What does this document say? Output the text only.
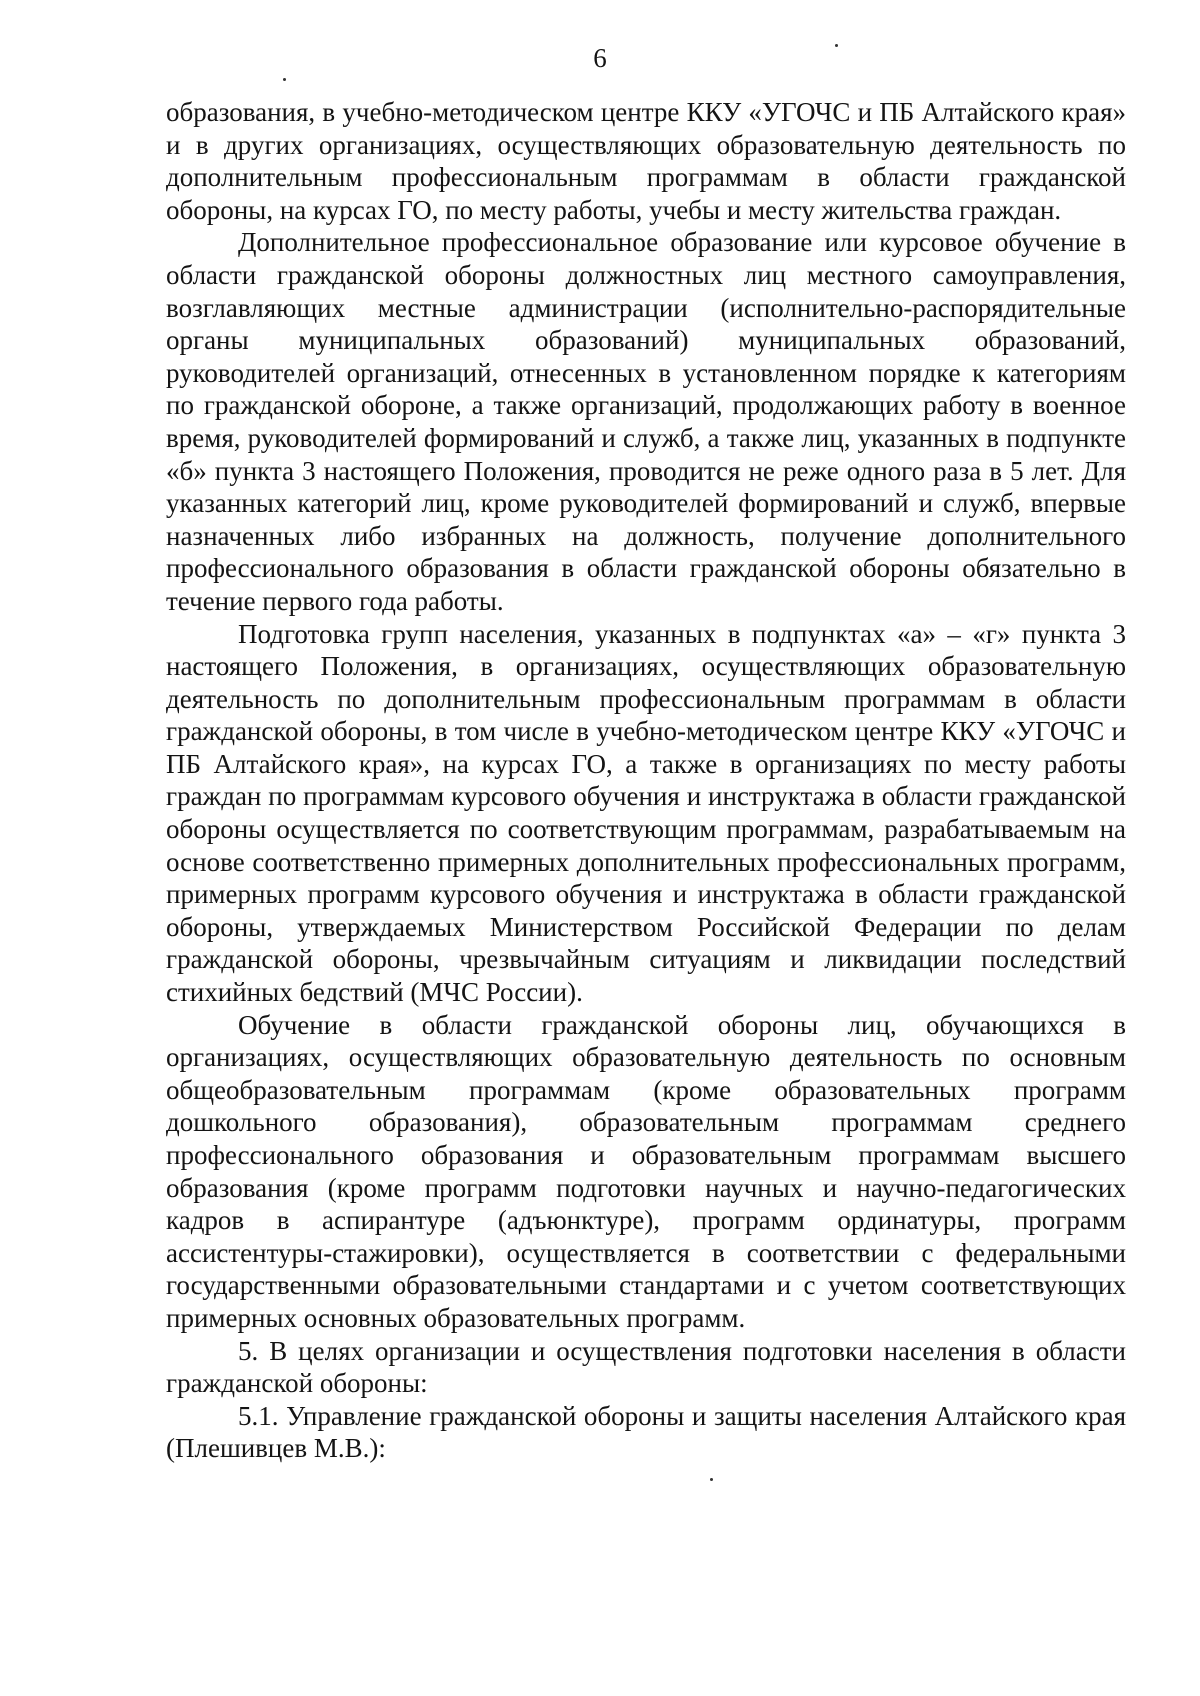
6

образования, в учебно-методическом центре ККУ «УГОЧС и ПБ Алтайского края» и в других организациях, осуществляющих образовательную деятельность по дополнительным профессиональным программам в области гражданской обороны, на курсах ГО, по месту работы, учебы и месту жительства граждан.

Дополнительное профессиональное образование или курсовое обучение в области гражданской обороны должностных лиц местного самоуправления, возглавляющих местные администрации (исполнительно-распорядительные органы муниципальных образований) муниципальных образований, руководителей организаций, отнесенных в установленном порядке к категориям по гражданской обороне, а также организаций, продолжающих работу в военное время, руководителей формирований и служб, а также лиц, указанных в подпункте «б» пункта 3 настоящего Положения, проводится не реже одного раза в 5 лет. Для указанных категорий лиц, кроме руководителей формирований и служб, впервые назначенных либо избранных на должность, получение дополнительного профессионального образования в области гражданской обороны обязательно в течение первого года работы.

Подготовка групп населения, указанных в подпунктах «а» – «г» пункта 3 настоящего Положения, в организациях, осуществляющих образовательную деятельность по дополнительным профессиональным программам в области гражданской обороны, в том числе в учебно-методическом центре ККУ «УГОЧС и ПБ Алтайского края», на курсах ГО, а также в организациях по месту работы граждан по программам курсового обучения и инструктажа в области гражданской обороны осуществляется по соответствующим программам, разрабатываемым на основе соответственно примерных дополнительных профессиональных программ, примерных программ курсового обучения и инструктажа в области гражданской обороны, утверждаемых Министерством Российской Федерации по делам гражданской обороны, чрезвычайным ситуациям и ликвидации последствий стихийных бедствий (МЧС России).

Обучение в области гражданской обороны лиц, обучающихся в организациях, осуществляющих образовательную деятельность по основным общеобразовательным программам (кроме образовательных программ дошкольного образования), образовательным программам среднего профессионального образования и образовательным программам высшего образования (кроме программ подготовки научных и научно-педагогических кадров в аспирантуре (адъюнктуре), программ ординатуры, программ ассистентуры-стажировки), осуществляется в соответствии с федеральными государственными образовательными стандартами и с учетом соответствующих примерных основных образовательных программ.

5. В целях организации и осуществления подготовки населения в области гражданской обороны:

5.1. Управление гражданской обороны и защиты населения Алтайского края (Плешивцев М.В.):
